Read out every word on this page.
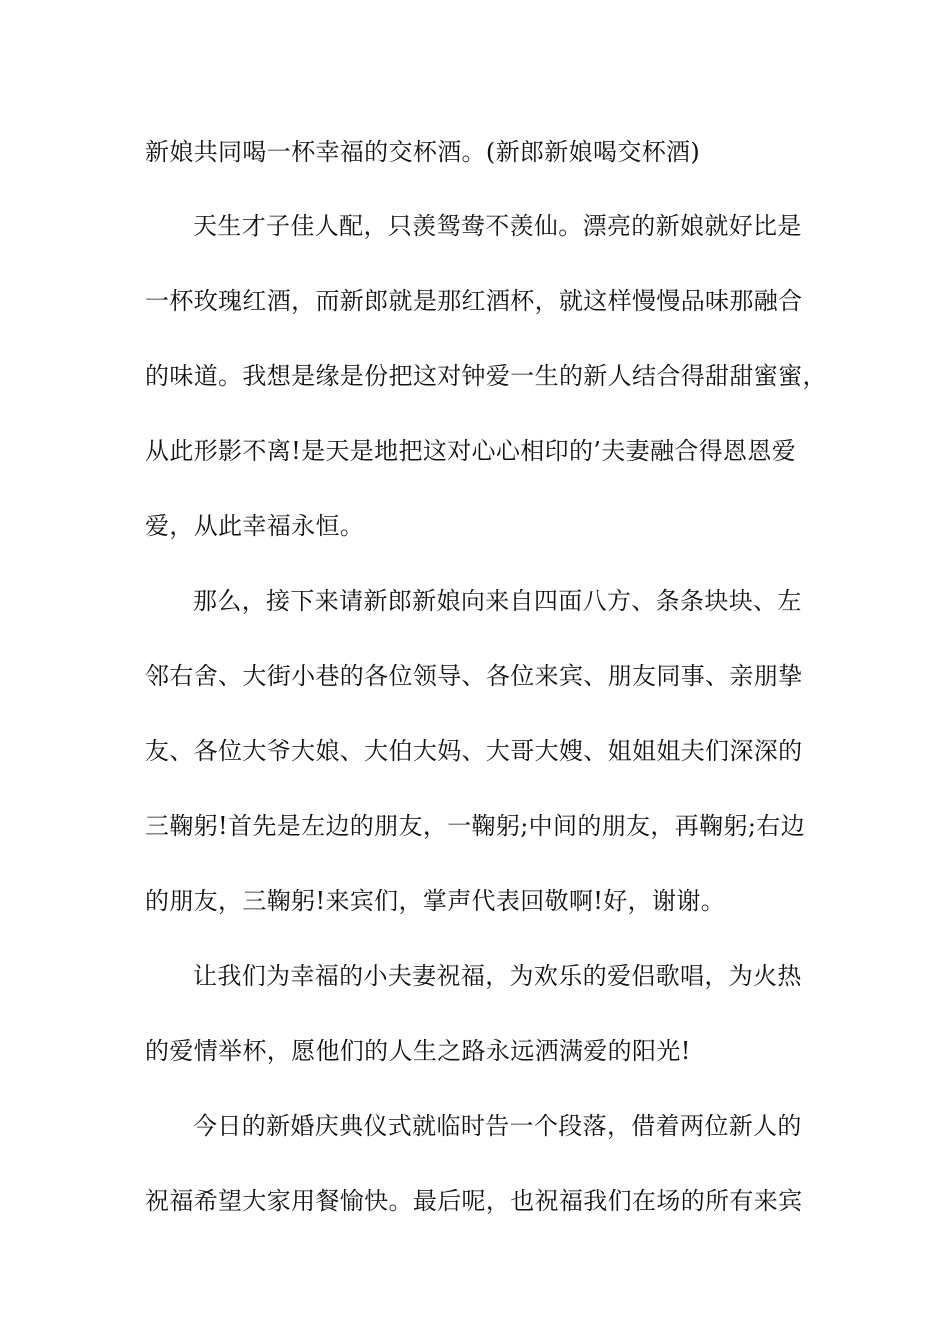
新娘共同喝一杯幸福的交杯酒。(新郎新娘喝交杯酒)
天生才子佳人配，只羡鸳鸯不羡仙。漂亮的新娘就好比是
一杯玫瑰红酒，而新郎就是那红酒杯，就这样慢慢品味那融合
的味道。我想是缘是份把这对钟爱一生的新人结合得甜甜蜜蜜，
从此形影不离!是天是地把这对心心相印的’夫妻融合得恩恩爱
爱，从此幸福永恒。
那么，接下来请新郎新娘向来自四面八方、条条块块、左
邻右舍、大街小巷的各位领导、各位来宾、朋友同事、亲朋挚
友、各位大爷大娘、大伯大妈、大哥大嫂、姐姐姐夫们深深的
三鞠躬!首先是左边的朋友，一鞠躬;中间的朋友，再鞠躬;右边
的朋友，三鞠躬!来宾们，掌声代表回敬啊!好，谢谢。
让我们为幸福的小夫妻祝福，为欢乐的爱侣歌唱，为火热
的爱情举杯，愿他们的人生之路永远洒满爱的阳光!
今日的新婚庆典仪式就临时告一个段落，借着两位新人的
祝福希望大家用餐愉快。最后呢，也祝福我们在场的所有来宾
